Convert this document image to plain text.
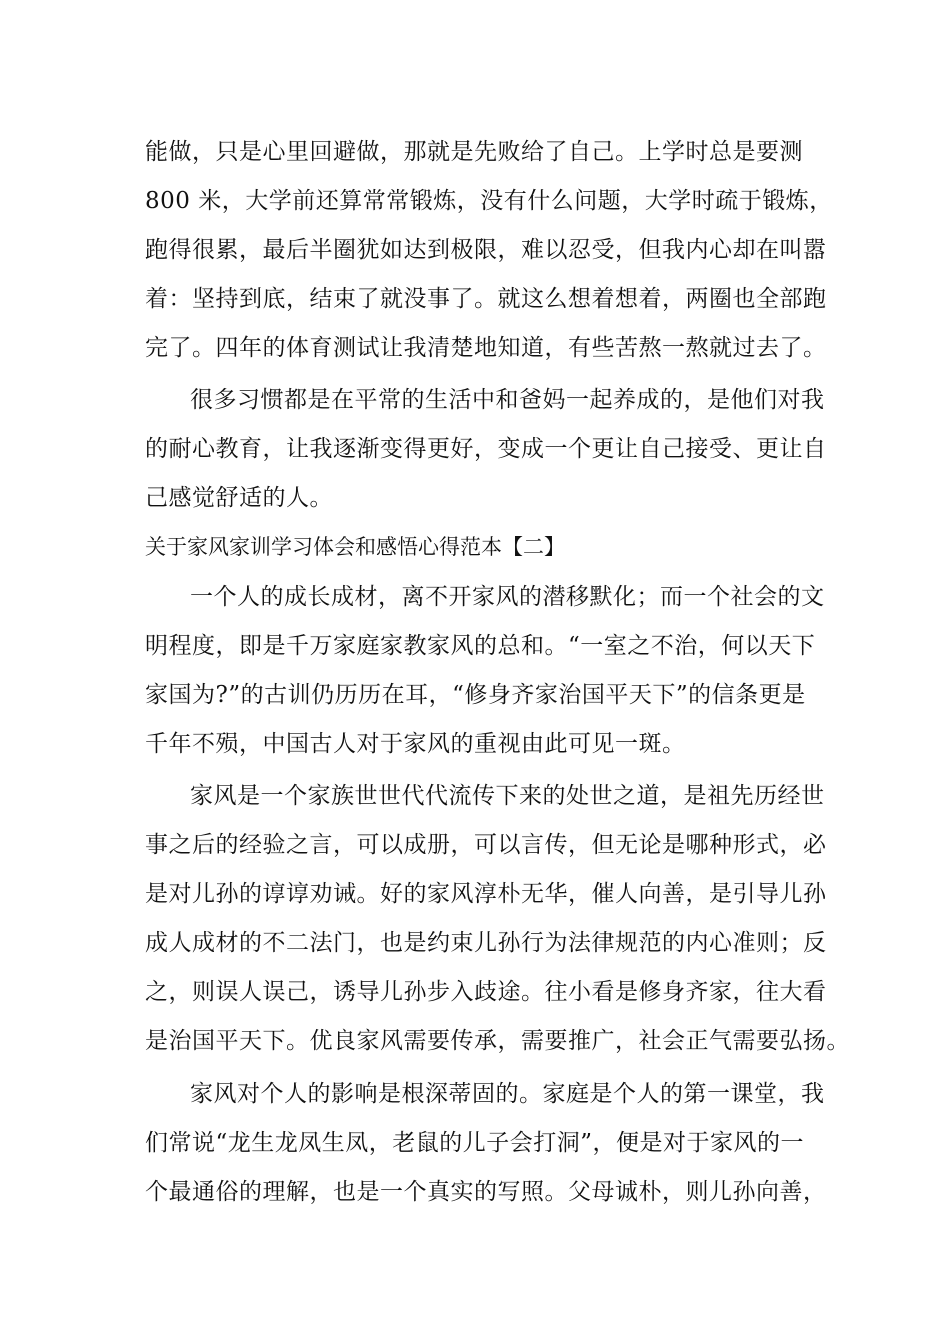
能做，只是心里回避做，那就是先败给了自己。上学时总是要测
800 米，大学前还算常常锻炼，没有什么问题，大学时疏于锻炼，
跑得很累，最后半圈犹如达到极限，难以忍受，但我内心却在叫嚣
着：坚持到底，结束了就没事了。就这么想着想着，两圈也全部跑
完了。四年的体育测试让我清楚地知道，有些苦熬一熬就过去了。
很多习惯都是在平常的生活中和爸妈一起养成的，是他们对我
的耐心教育，让我逐渐变得更好，变成一个更让自己接受、更让自
己感觉舒适的人。
关于家风家训学习体会和感悟心得范本【二】
一个人的成长成材，离不开家风的潜移默化；而一个社会的文
明程度，即是千万家庭家教家风的总和。“一室之不治，何以天下
家国为?”的古训仍历历在耳，“修身齐家治国平天下”的信条更是
千年不殒，中国古人对于家风的重视由此可见一斑。
家风是一个家族世世代代流传下来的处世之道，是祖先历经世
事之后的经验之言，可以成册，可以言传，但无论是哪种形式，必
是对儿孙的谆谆劝诫。好的家风淳朴无华，催人向善，是引导儿孙
成人成材的不二法门，也是约束儿孙行为法律规范的内心准则；反
之，则误人误己，诱导儿孙步入歧途。往小看是修身齐家，往大看
是治国平天下。优良家风需要传承，需要推广，社会正气需要弘扬。
家风对个人的影响是根深蒂固的。家庭是个人的第一课堂，我
们常说“龙生龙凤生凤，老鼠的儿子会打洞”，便是对于家风的一
个最通俗的理解，也是一个真实的写照。父母诚朴，则儿孙向善，
